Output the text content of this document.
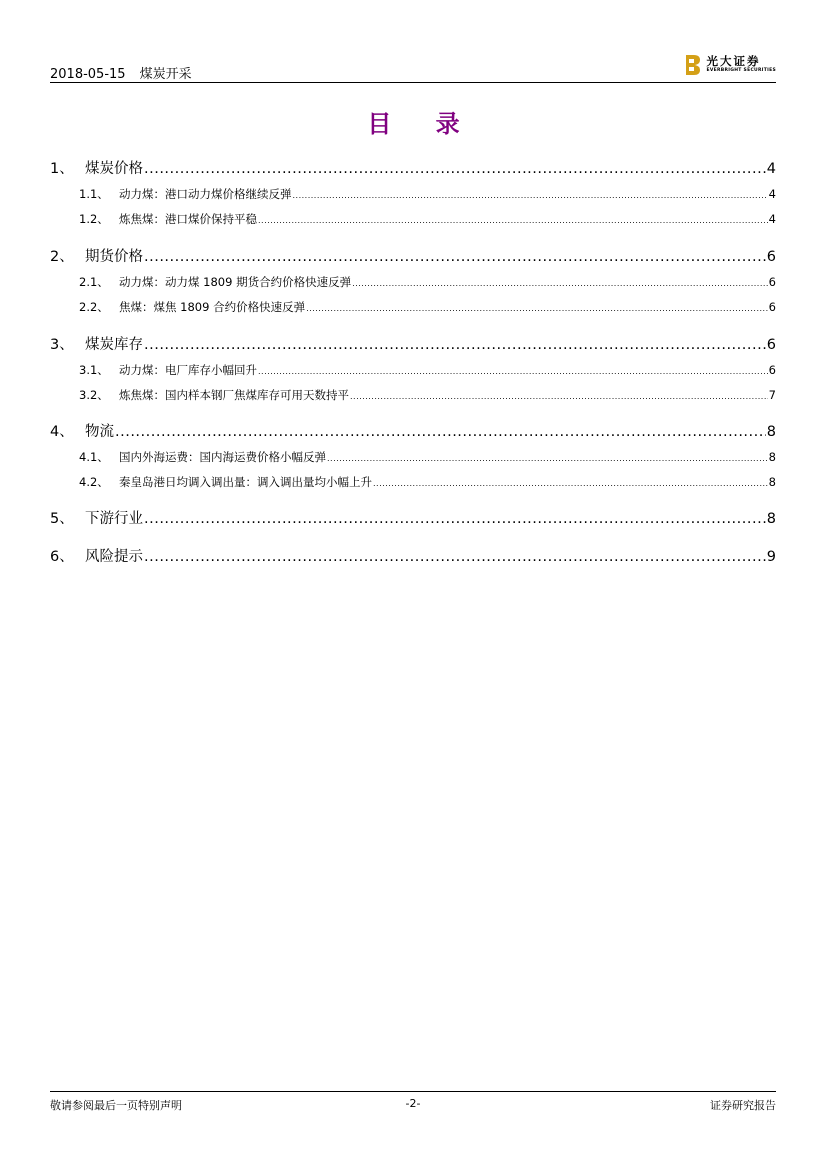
2018-05-15 煤炭开采
光大证券
EVERBRIGHT SECURITIES
目 录
1、 煤炭价格 .....	4
1.1、 动力煤：港口动力煤价格继续反弹 .....	4
1.2、 炼焦煤：港口煤价保持平稳 .....	4
2、 期货价格 .....	6
2.1、 动力煤：动力煤 1809 期货合约价格快速反弹 .....	6
2.2、 焦煤：煤焦 1809 合约价格快速反弹 .....	6
3、 煤炭库存 .....	6
3.1、 动力煤：电厂库存小幅回升 .....	6
3.2、 炼焦煤：国内样本钢厂焦煤库存可用天数持平 .....	7
4、 物流 .....	8
4.1、 国内外海运费：国内海运费价格小幅反弹 .....	8
4.2、 秦皇岛港日均调入调出量：调入调出量均小幅上升 .....	8
5、 下游行业 .....	8
6、 风险提示 .....	9
敬请参阅最后一页特别声明	-2-	证券研究报告
